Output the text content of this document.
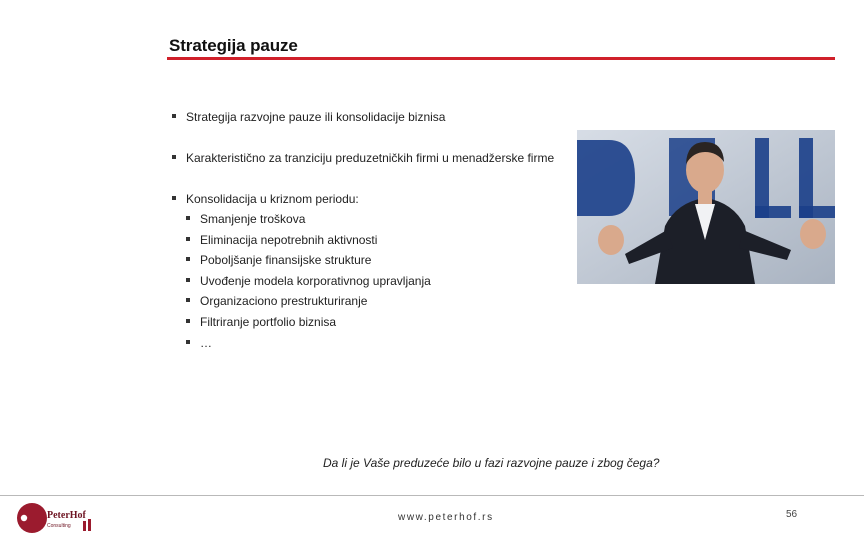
Strategija pauze
Strategija razvojne pauze ili konsolidacije biznisa
Karakteristično za tranziciju preduzetničkih firmi u menadžerske firme
Konsolidacija u kriznom periodu:
Smanjenje troškova
Eliminacija nepotrebnih aktivnosti
Poboljšanje finansijske strukture
Uvođenje modela korporativnog upravljanja
Organizaciono prestrukturiranje
Filtriranje portfolio biznisa
…
Da li je Vaše preduzeće bilo u fazi razvojne pauze i zbog čega?
PeterHof
Consulting
www.peterhof.rs	56
